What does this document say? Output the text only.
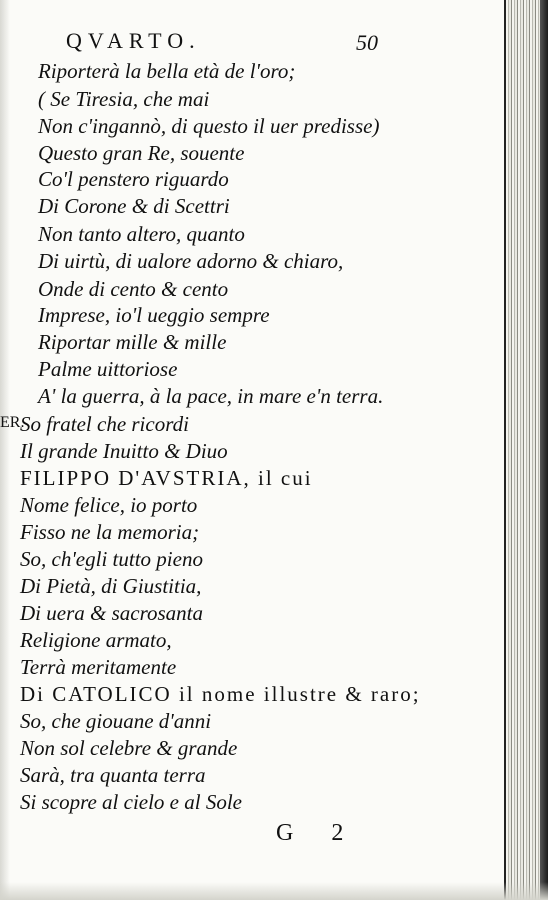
QVARTO.	50
ER.
Riporterà la bella età de l'oro;
( Se Tiresia, che mai
Non c'ingannò, di questo il uer predisse)
Questo gran Re, souente
Co'l penstero riguardo
Di Corone & di Scettri
Non tanto altero, quanto
Di uirtù, di ualore adorno & chiaro,
Onde di cento & cento
Imprese, io'l ueggio sempre
Riportar mille & mille
Palme uittoriose
A' la guerra, à la pace, in mare e'n terra.
So fratel che ricordi
Il grande Inuitto & Diuo
FILIPPO D'AVSTRIA, il cui
Nome felice, io porto
Fisso ne la memoria;
So, ch'egli tutto pieno
Di Pietà, di Giustitia,
Di uera & sacrosanta
Religione armato,
Terrà meritamente
Di CATOLICO il nome illustre & raro;
So, che giouane d'anni
Non sol celebre & grande
Sarà, tra quanta terra
Si scopre al cielo e al Sole
G 2
